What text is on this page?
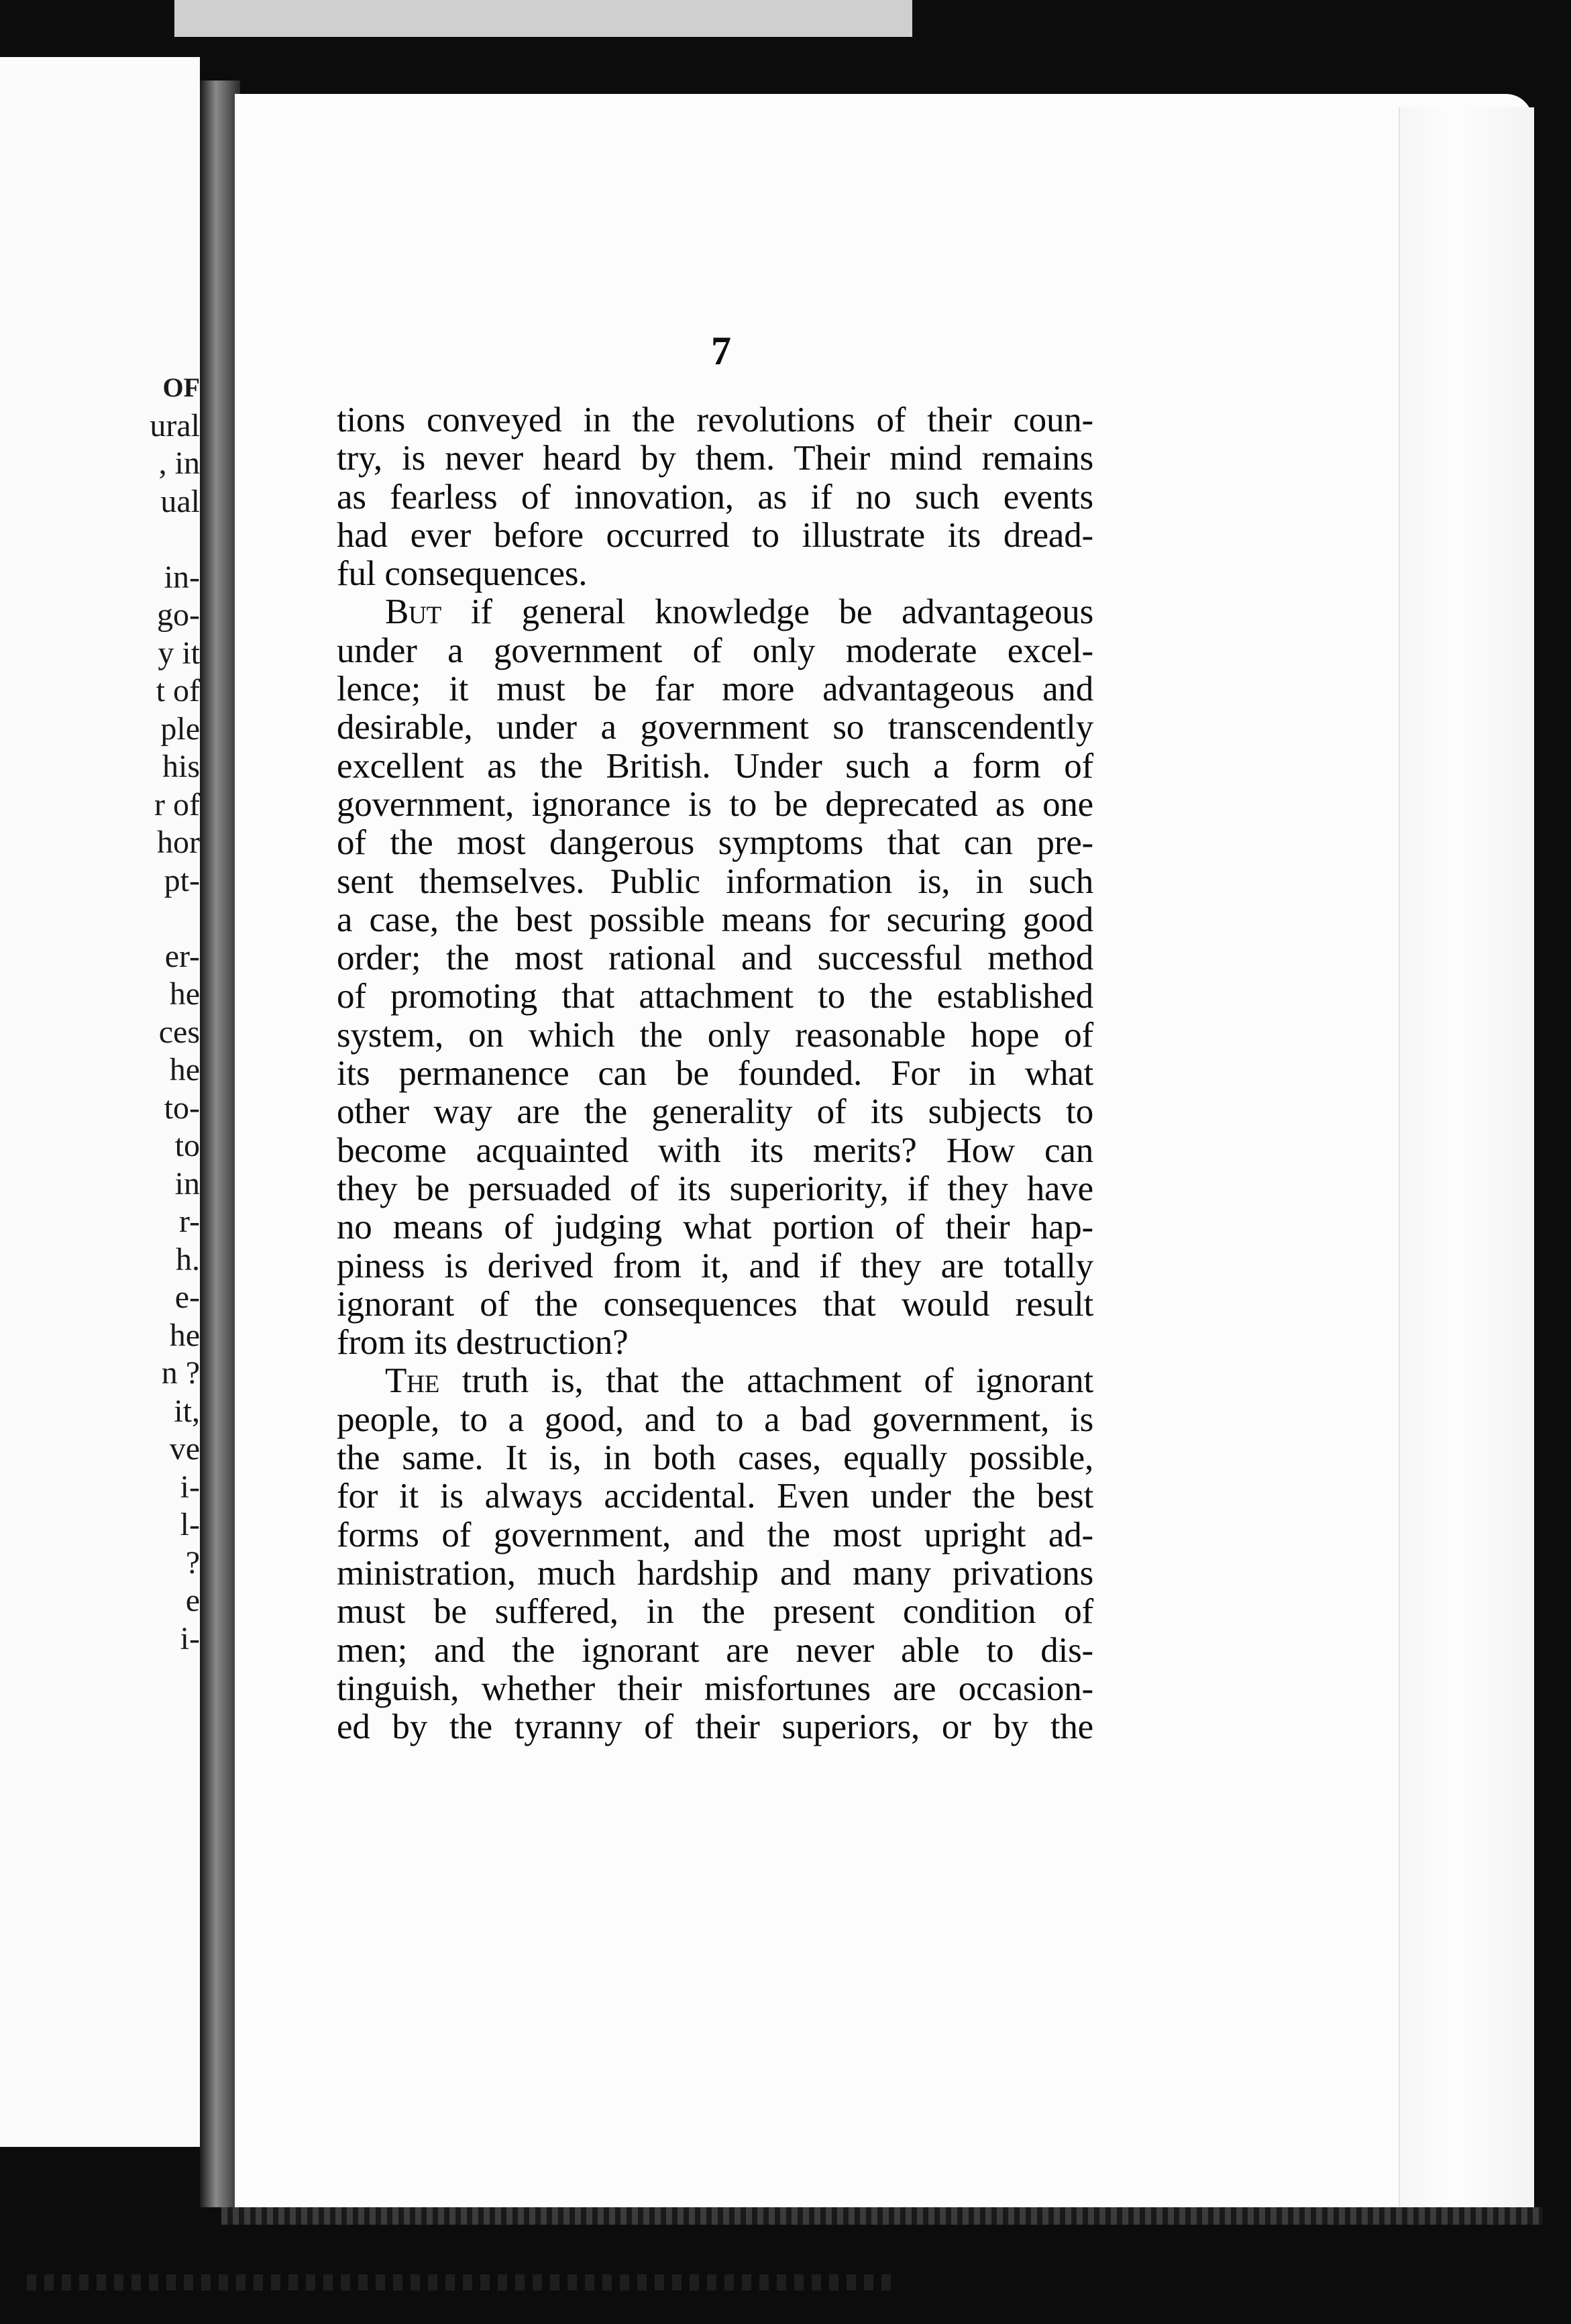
OF
ural
, in
ual
in-
go-
y it
t of
ple
his
r of
hor
pt-
er-
he
ces
he
to-
to
in
r-
h.
e-
he
n ?
it,
ve
i-
l-
?
e
i-
7
tions conveyed in the revolutions of their coun-
try, is never heard by them. Their mind remains
as fearless of innovation, as if no such events
had ever before occurred to illustrate its dread-
ful consequences.
But if general knowledge be advantageous
under a government of only moderate excel-
lence; it must be far more advantageous and
desirable, under a government so transcendently
excellent as the British. Under such a form of
government, ignorance is to be deprecated as one
of the most dangerous symptoms that can pre-
sent themselves. Public information is, in such
a case, the best possible means for securing good
order; the most rational and successful method
of promoting that attachment to the established
system, on which the only reasonable hope of
its permanence can be founded. For in what
other way are the generality of its subjects to
become acquainted with its merits? How can
they be persuaded of its superiority, if they have
no means of judging what portion of their hap-
piness is derived from it, and if they are totally
ignorant of the consequences that would result
from its destruction?
The truth is, that the attachment of ignorant
people, to a good, and to a bad government, is
the same. It is, in both cases, equally possible,
for it is always accidental. Even under the best
forms of government, and the most upright ad-
ministration, much hardship and many privations
must be suffered, in the present condition of
men; and the ignorant are never able to dis-
tinguish, whether their misfortunes are occasion-
ed by the tyranny of their superiors, or by the
